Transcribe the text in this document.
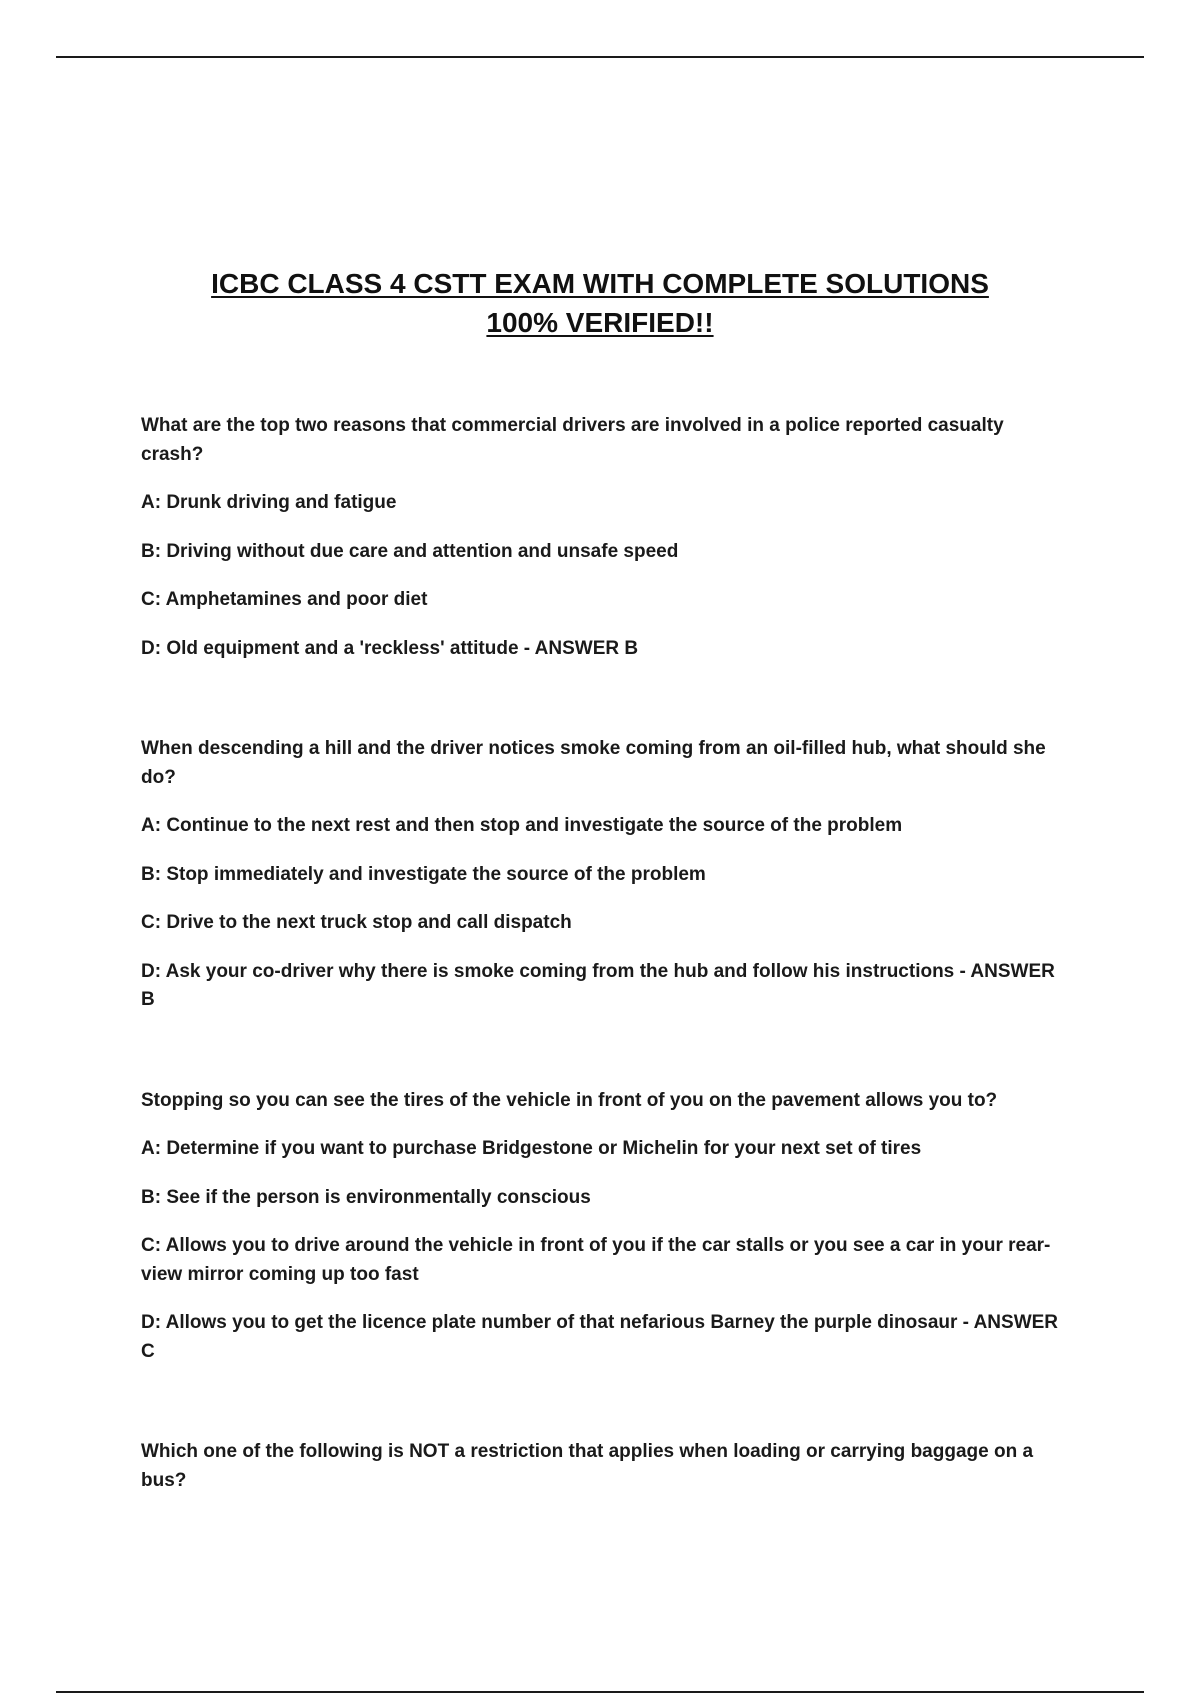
ICBC CLASS 4 CSTT EXAM WITH COMPLETE SOLUTIONS
100% VERIFIED!!

What are the top two reasons that commercial drivers are involved in a police reported casualty crash?

A: Drunk driving and fatigue

B: Driving without due care and attention and unsafe speed

C: Amphetamines and poor diet

D: Old equipment and a 'reckless' attitude - ANSWER B

When descending a hill and the driver notices smoke coming from an oil-filled hub, what should she do?

A: Continue to the next rest and then stop and investigate the source of the problem

B: Stop immediately and investigate the source of the problem

C: Drive to the next truck stop and call dispatch

D: Ask your co-driver why there is smoke coming from the hub and follow his instructions - ANSWER B

Stopping so you can see the tires of the vehicle in front of you on the pavement allows you to?

A: Determine if you want to purchase Bridgestone or Michelin for your next set of tires

B: See if the person is environmentally conscious

C: Allows you to drive around the vehicle in front of you if the car stalls or you see a car in your rear-view mirror coming up too fast

D: Allows you to get the licence plate number of that nefarious Barney the purple dinosaur - ANSWER C

Which one of the following is NOT a restriction that applies when loading or carrying baggage on a bus?
